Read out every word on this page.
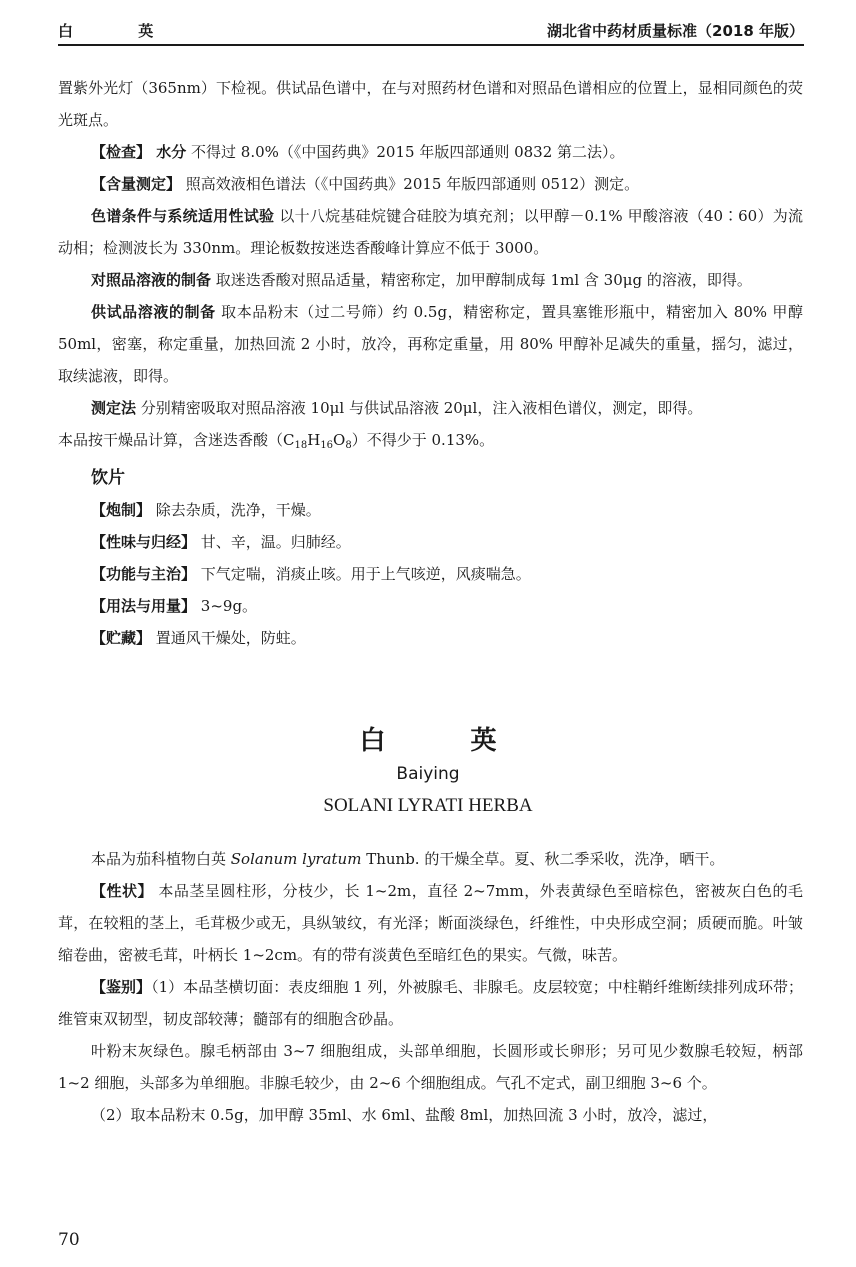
白 英	湖北省中药材质量标准（2018 年版）
置紫外光灯（365nm）下检视。供试品色谱中，在与对照药材色谱和对照品色谱相应的位置上，显相同颜色的荧光斑点。
【检查】 水分 不得过 8.0%（《中国药典》2015 年版四部通则 0832 第二法）。
【含量测定】 照高效液相色谱法（《中国药典》2015 年版四部通则 0512）测定。
色谱条件与系统适用性试验 以十八烷基硅烷键合硅胶为填充剂；以甲醇－0.1% 甲酸溶液（40∶60）为流动相；检测波长为 330nm。理论板数按迷迭香酸峰计算应不低于 3000。
对照品溶液的制备 取迷迭香酸对照品适量，精密称定，加甲醇制成每 1ml 含 30μg 的溶液，即得。
供试品溶液的制备 取本品粉末（过二号筛）约 0.5g，精密称定，置具塞锥形瓶中，精密加入 80% 甲醇 50ml，密塞，称定重量，加热回流 2 小时，放冷，再称定重量，用 80% 甲醇补足减失的重量，摇匀，滤过，取续滤液，即得。
测定法 分别精密吸取对照品溶液 10μl 与供试品溶液 20μl，注入液相色谱仪，测定，即得。
本品按干燥品计算，含迷迭香酸$(C_{18}H_{16}O_8)$不得少于 0.13%。
饮片
【炮制】 除去杂质，洗净，干燥。
【性味与归经】 甘、辛，温。归肺经。
【功能与主治】 下气定喘，消痰止咳。用于上气咳逆，风痰喘急。
【用法与用量】 3~9g。
【贮藏】 置通风干燥处，防蛀。
白 英
Baiying
SOLANI LYRATI HERBA
本品为茄科植物白英 Solanum lyratum Thunb. 的干燥全草。夏、秋二季采收，洗净，晒干。
【性状】 本品茎呈圆柱形，分枝少，长 1~2m，直径 2~7mm，外表黄绿色至暗棕色，密被灰白色的毛茸，在较粗的茎上，毛茸极少或无，具纵皱纹，有光泽；断面淡绿色，纤维性，中央形成空洞；质硬而脆。叶皱缩卷曲，密被毛茸，叶柄长 1~2cm。有的带有淡黄色至暗红色的果实。气微，味苦。
【鉴别】（1）本品茎横切面：表皮细胞 1 列，外被腺毛、非腺毛。皮层较宽；中柱鞘纤维断续排列成环带；维管束双韧型，韧皮部较薄；髓部有的细胞含砂晶。
叶粉末灰绿色。腺毛柄部由 3~7 细胞组成，头部单细胞，长圆形或长卵形；另可见少数腺毛较短，柄部 1~2 细胞，头部多为单细胞。非腺毛较少，由 2~6 个细胞组成。气孔不定式，副卫细胞 3~6 个。
（2）取本品粉末 0.5g，加甲醇 35ml、水 6ml、盐酸 8ml，加热回流 3 小时，放冷，滤过，
70
